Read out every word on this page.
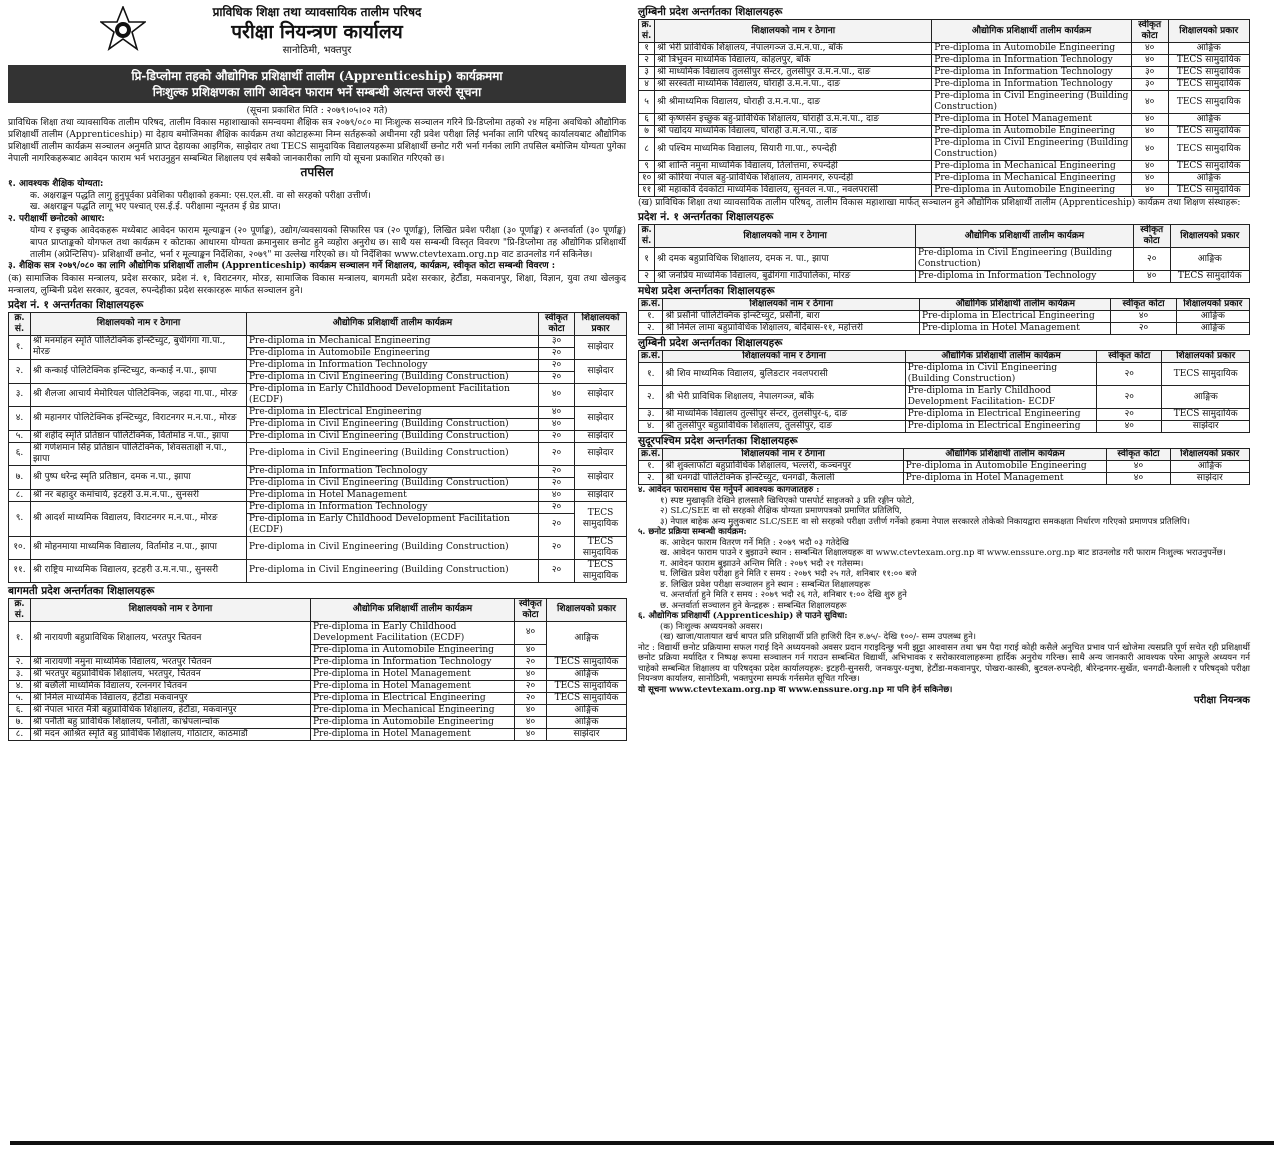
प्राविधिक शिक्षा तथा व्यावसायिक तालीम परिषद
परीक्षा नियन्त्रण कार्यालय
सानोठिमी, भक्तपुर
प्रि-डिप्लोमा तहको औद्योगिक प्रशिक्षार्थी तालीम (Apprenticeship) कार्यक्रममा
निःशुल्क प्रशिक्षणका लागि आवेदन फाराम भर्ने सम्बन्धी अत्यन्त जरुरी सूचना
(सूचना प्रकाशित मिति : २०७९।०५।०२ गते)

प्राविधिक शिक्षा तथा व्यावसायिक तालीम परिषद, तालीम विकास महाशाखाको समन्वयमा शैक्षिक सत्र २०७९/०८० मा निःशुल्क सञ्चालन गरिने प्रि-डिप्लोमा तहको २४ महिना अवधिको औद्योगिक प्रशिक्षार्थी तालीम (Apprenticeship) मा देहाय बमोजिमका शैक्षिक कार्यक्रम तथा कोटाहरूमा निम्न सर्तहरूको अधीनमा रही प्रवेश परीक्षा लिई भर्नाका लागि परिषद् कार्यालयबाट औद्योगिक प्रशिक्षार्थी तालीम कार्यक्रम सञ्चालन अनुमति प्राप्त देहायका आइगिक, साझेदार तथा TECS सामुदायिक विद्यालयहरूमा प्रशिक्षार्थी छनोट गरी भर्ना गर्नका लागि तपसिल बमोजिम योग्यता पुगेका नेपाली नागरिकहरूबाट आवेदन फाराम भर्न भराउनुहुन सम्बन्धित शिक्षालय एवं सबैको जानकारीका लागि यो सूचना प्रकाशित गरिएको छ।

तपसिल
१. आवश्यक शैक्षिक योग्यता:
क. अक्षराङ्कन पद्धति लागु हुनुपूर्वका प्रवेशिका परीक्षाको हकमा: एस.एल.सी. वा सो सरहको परीक्षा उत्तीर्ण।
ख. अक्षराङ्कन पद्धति लागू भए पश्चात् एस.ई.ई. परीक्षामा न्यूनतम ई ग्रेड प्राप्त।
२. परीक्षार्थी छनोटको आधार:

योग्य र इच्छुक आवेदकहरू मध्येबाट आवेदन फाराम मूल्याङ्कन (२० पूर्णाङ्क), उद्योग/व्यवसायको सिफारिस पत्र (२० पूर्णाङ्क), लिखित प्रवेश परीक्षा (३० पूर्णाङ्क) र अन्तर्वार्ता (३० पूर्णाङ्क) बापत प्राप्ताङ्कको योगफल तथा कार्यक्रम र कोटाका आधारमा योग्यता क्रमानुसार छनोट हुने व्यहोरा अनुरोध छ। साथै यस सम्बन्धी विस्तृत विवरण "प्रि-डिप्लोमा तह औद्योगिक प्रशिक्षार्थी तालीम (अप्रेन्टिसिप)- प्रशिक्षार्थी छनोट, भर्ना र मूल्याङ्कन निर्देशिका, २०७९" मा उल्लेख गरिएको छ। यो निर्देशिका www.ctevtexam.org.np वाट डाउनलोड गर्न सकिनेछ।

३. शैक्षिक सत्र २०७९/०८० का लागि औद्योगिक प्रशिक्षार्थी तालीम (Apprenticeship) कार्यक्रम सञ्चालन गर्ने शिक्षालय, कार्यक्रम, स्वीकृत कोटा सम्बन्धी विवरण :

(क) सामाजिक विकास मन्त्रालय, प्रदेश सरकार, प्रदेश नं. १, विराटनगर, मोरङ, सामाजिक विकास मन्त्रालय, बागमती प्रदेश सरकार, हेटौंडा, मकवानपुर, शिक्षा, विज्ञान, युवा तथा खेलकुद मन्त्रालय, लुम्बिनी प्रदेश सरकार, बुटवल, रुपन्देहीका प्रदेश सरकारहरू मार्फत सञ्चालन हुने।

प्रदेश नं. १ अन्तर्गतका शिक्षालयहरू
क्र. सं.	शिक्षालयको नाम र ठेगाना	औद्योगिक प्रशिक्षार्थी तालीम कार्यक्रम	स्वीकृत कोटा	शिक्षालयको प्रकार
१.	श्री मनमोहन स्मृति पोलिटेक्निक इन्स्टिच्युट, बुधीगंगा गा.पा., मोरङ	Pre-diploma in Mechanical Engineering	३०	साझेदार
		Pre-diploma in Automobile Engineering	२०	
२.	श्री कन्काई पोलिटेक्निक इन्स्टिच्युट, कन्काई न.पा., झापा	Pre-diploma in Information Technology	२०	साझेदार
		Pre-diploma in Civil Engineering (Building Construction)	२०	
३.	श्री शैलजा आचार्य मेमोरियल पोलिटेक्निक, जहदा गा.पा., मोरङ	Pre-diploma in Early Childhood Development Facilitation (ECDF)	४०	साझेदार
४.	श्री महानगर पोलिटेक्निक इन्स्टिच्युट, विराटनगर म.न.पा., मोरङ	Pre-diploma in Electrical Engineering	४०	साझेदार
		Pre-diploma in Civil Engineering (Building Construction)	४०	
५.	श्री शहीद स्मृति प्रतिष्ठान पोलिटेक्निक, विर्तामोड न.पा., झापा	Pre-diploma in Civil Engineering (Building Construction)	२०	साझेदार
६.	श्री गणेशमान सिंह प्रतिष्ठान पोलिटेक्निक, शिवसताक्षी न.पा., झापा	Pre-diploma in Civil Engineering (Building Construction)	२०	साझेदार
७.	श्री पुष्प धरेन्द्र स्मृति प्रतिष्ठान, दमक न.पा., झापा	Pre-diploma in Information Technology	२०	साझेदार
		Pre-diploma in Civil Engineering (Building Construction)	२०	
८.	श्री नर बहादुर कमांचार्य, इटहरी उ.म.न.पा., सुनसरी	Pre-diploma in Hotel Management	४०	साझेदार
९.	श्री आदर्श माध्यमिक विद्यालय, विराटनगर म.न.पा., मोरङ	Pre-diploma in Information Technology	२०	TECS सामुदायिक
		Pre-diploma in Early Childhood Development Facilitation (ECDF)	२०	
१०.	श्री मोहनमाया माध्यमिक विद्यालय, विर्तामोड न.पा., झापा	Pre-diploma in Civil Engineering (Building Construction)	२०	TECS सामुदायिक
११.	श्री राष्ट्रिय माध्यमिक विद्यालय, इटहरी उ.म.न.पा., सुनसरी	Pre-diploma in Civil Engineering (Building Construction)	२०	TECS सामुदायिक
बागमती प्रदेश अन्तर्गतका शिक्षालयहरू
क्र. सं.	शिक्षालयको नाम र ठेगाना	औद्योगिक प्रशिक्षार्थी तालीम कार्यक्रम	स्वीकृत कोटा	शिक्षालयको प्रकार
१.	श्री नारायणी बहुप्राविधिक शिक्षालय, भरतपुर चितवन	Pre-diploma in Early Childhood Development Facilitation (ECDF)	४०	आङ्गिक
		Pre-diploma in Automobile Engineering	४०	
२.	श्री नारायणी नमुना माध्यमिक विद्यालय, भरतपुर चितवन	Pre-diploma in Information Technology	२०	TECS सामुदायिक
३.	श्री भरतपुर बहुप्राविधिक शिक्षालय, भरतपुर, चितवन	Pre-diploma in Hotel Management	४०	आङ्गिक
४.	श्री बछौली माध्यमिक विद्यालय, रत्ननगर चितवन	Pre-diploma in Hotel Management	२०	TECS सामुदायिक
५.	श्री निर्मल माध्यमिक विद्यालय, हेटौंडा मकवानपुर	Pre-diploma in Electrical Engineering	२०	TECS सामुदायिक
६.	श्री नेपाल भारत मैत्री बहुप्राविधिक शिक्षालय, हेटौंडा, मकवानपुर	Pre-diploma in Mechanical Engineering	४०	आङ्गिक
७.	श्री पनौती बहु प्राविधिक शिक्षालय, पनौती, काभ्रेपलान्चोक	Pre-diploma in Automobile Engineering	४०	आङ्गिक
८.	श्री मदन आश्रित स्मृति बहु प्राविधिक शिक्षालय, गोठाटार, काठमाडौं	Pre-diploma in Hotel Management	४०	साझेदार
लुम्बिनी प्रदेश अन्तर्गतका शिक्षालयहरू
क्र. सं.	शिक्षालयको नाम र ठेगाना	औद्योगिक प्रशिक्षार्थी तालीम कार्यक्रम	स्वीकृत कोटा	शिक्षालयको प्रकार
१	श्री भेरी प्राविधिक शिक्षालय, नेपालगञ्ज उ.म.न.पा., बाँके	Pre-diploma in Automobile Engineering	४०	आङ्गिक
२	श्री त्रिभुवन माध्यमिक विद्यालय, कोहलपुर, बाँके	Pre-diploma in Information Technology	४०	TECS सामुदायिक
३	श्री माध्यमिक विद्यालय तुलसीपुर सेन्टर, तुलसीपुर उ.म.न.पा., दाङ	Pre-diploma in Information Technology	३०	TECS सामुदायिक
४	श्री सरस्वती माध्यमिक विद्यालय, घोराही उ.म.न.पा., दाङ	Pre-diploma in Information Technology	३०	TECS सामुदायिक
५	श्री श्रीमाध्यमिक विद्यालय, घोराही उ.म.न.पा., दाङ	Pre-diploma in Civil Engineering (Building Construction)	४०	TECS सामुदायिक
६	श्री कृष्णसेन इच्छुक बहु-प्राविधिक शिक्षालय, घोराही उ.म.न.पा., दाङ	Pre-diploma in Hotel Management	४०	आङ्गिक
७	श्री पद्योदय माध्यमिक विद्यालय, घोराही उ.म.न.पा., दाङ	Pre-diploma in Automobile Engineering	४०	TECS सामुदायिक
८	श्री पश्चिम माध्यमिक विद्यालय, सियारी गा.पा., रुपन्देही	Pre-diploma in Civil Engineering (Building Construction)	४०	TECS सामुदायिक
९	श्री शान्ति नमुना माध्यमिक विद्यालय, तिलोत्तमा, रुपन्देही	Pre-diploma in Mechanical Engineering	४०	TECS सामुदायिक
१०	श्री कोरिया नेपाल बहु-प्राविधिक शिक्षालय, तामनगर, रुपन्देही	Pre-diploma in Mechanical Engineering	४०	आङ्गिक
११	श्री महाकवि देवकोटा माध्यमिक विद्यालय, सुनवल न.पा., नवलपरासी	Pre-diploma in Automobile Engineering	४०	TECS सामुदायिक

(ख) प्राविधिक शिक्षा तथा व्यावसायिक तालीम परिषद्, तालीम विकास महाशाखा मार्फत् सञ्चालन हुने औद्योगिक प्रशिक्षार्थी तालीम (Apprenticeship) कार्यक्रम तथा शिक्षण संस्थाहरू:

प्रदेश नं. १ अन्तर्गतका शिक्षालयहरू
क्र. सं.	शिक्षालयको नाम र ठेगाना	औद्योगिक प्रशिक्षार्थी तालीम कार्यक्रम	स्वीकृत कोटा	शिक्षालयको प्रकार
१	श्री दमक बहुप्राविधिक शिक्षालय, दमक न. पा., झापा	Pre-diploma in Civil Engineering (Building Construction)	२०	आङ्गिक
२	श्री जनप्रिय माध्यमिक विद्यालय, बुढीगंगा गाउँपालिका, मोरङ	Pre-diploma in Information Technology	४०	TECS सामुदायिक
मधेश प्रदेश अन्तर्गतका शिक्षालयहरू
क्र.सं.	शिक्षालयको नाम र ठेगाना	औद्योगिक प्रशिक्षार्थी तालीम कार्यक्रम	स्वीकृत कोटा	शिक्षालयको प्रकार
१.	श्री प्रसौनी पोलिटेक्निक इन्स्टिच्युट, प्रसौनी, बारा	Pre-diploma in Electrical Engineering	४०	आङ्गिक
२.	श्री निर्मल लामा बहुप्राविधिक शिक्षालय, बर्दिबास-११, महोत्तरी	Pre-diploma in Hotel Management	२०	आङ्गिक
लुम्बिनी प्रदेश अन्तर्गतका शिक्षालयहरू
क्र.सं.	शिक्षालयको नाम र ठेगाना	औद्योगिक प्रशिक्षार्थी तालीम कार्यक्रम	स्वीकृत कोटा	शिक्षालयको प्रकार
१.	श्री शिव माध्यमिक विद्यालय, बुलिङटार नवलपरासी	Pre-diploma in Civil Engineering (Building Construction)	२०	TECS सामुदायिक
२.	श्री भेरी प्राविधिक शिक्षालय, नेपालगञ्ज, बाँके	Pre-diploma in Early Childhood Development Facilitation- ECDF	२०	आङ्गिक
३.	श्री माध्यमिक विद्यालय तुल्सीपुर सेन्टर, तुलसीपुर-६, दाङ	Pre-diploma in Electrical Engineering	२०	TECS सामुदायिक
४.	श्री तुलसीपुर बहुप्राविधिक शिक्षालय, तुलसीपुर, दाङ	Pre-diploma in Electrical Engineering	४०	साझेदार
सुदूरपश्चिम प्रदेश अन्तर्गतका शिक्षालयहरू
क्र.सं.	शिक्षालयको नाम र ठेगाना	औद्योगिक प्रशिक्षार्थी तालीम कार्यक्रम	स्वीकृत कोटा	शिक्षालयको प्रकार
१.	श्री शुक्लाफाँटा बहुप्राविधिक शिक्षालय, भल्लरी, कञ्चनपुर	Pre-diploma in Automobile Engineering	४०	आङ्गिक
२.	श्री धनगढी पोलिटेक्निक इन्स्टिच्युट, धनगढी, कैलाली	Pre-diploma in Hotel Management	४०	साझेदार
४. आवेदन फारामसाथ पेस गर्नुपर्ने आवश्यक कागजातहरु :
१) स्पष्ट मुखाकृति देखिने हालसालै खिचिएको पासपोर्ट साइजको ३ प्रति रङ्गीन फोटो,
२) SLC/SEE वा सो सरहको शैक्षिक योग्यता प्रमाणपत्रको प्रमाणित प्रतिलिपि,
३) नेपाल बाहेक अन्य मुलुकबाट SLC/SEE वा सो सरहको परीक्षा उत्तीर्ण गर्नेको हकमा नेपाल सरकारले तोकेको निकायद्वारा समकक्षता निर्धारण गरिएको प्रमाणपत्र प्रतिलिपि।
५. छनोट प्रक्रिया सम्बन्धी कार्यक्रम:
क. आवेदन फाराम वितरण गर्ने मिति : २०७९ भदौ ०३ गतेदेखि
ख. आवेदन फाराम पाउने र बुझाउने स्थान : सम्बन्धित शिक्षालयहरू वा www.ctevtexam.org.np वा www.enssure.org.np बाट डाउनलोड गरी फाराम निःशुल्क भराउनुपर्नेछ।
ग. आवेदन फाराम बुझाउने अन्तिम मिति : २०७९ भदौ २१ गतेसम्म।
घ. लिखित प्रवेश परीक्षा हुने मिति र समय : २०७९ भदौ २५ गते, शनिबार ११:०० बजे
ङ. लिखित प्रवेश परीक्षा सञ्चालन हुने स्थान : सम्बन्धित शिक्षालयहरू
च. अन्तर्वार्ता हुने मिति र समय : २०७९ भदौ २६ गते, शनिबार १:०० देखि शुरु हुने
छ. अन्तर्वार्ता सञ्चालन हुने केन्द्रहरू : सम्बन्धित शिक्षालयहरू
६. औद्योगिक प्रशिक्षार्थी (Apprenticeship) ले पाउने सुविधा:
(क) निःशुल्क अध्ययनको अवसर।
(ख) खाजा/यातायात खर्च बापत प्रति प्रशिक्षार्थी प्रति हाजिरी दिन रु.७५/- देखि १००/- सम्म उपलब्ध हुने।

नोट : विद्यार्थी छनोट प्रक्रियामा सफल गराई दिने अध्ययनको अवसर प्रदान गराइदिन्छु भनी झुट्टा आश्वासन तथा भ्रम पैदा गराई कोही कसैले अनुचित प्रभाव पार्न खोजेमा त्यसप्रति पूर्ण सचेत रही प्रशिक्षार्थी छनोट प्रक्रिया मर्यादित र निष्पक्ष रूपमा सञ्चालन गर्न गराउन सम्बन्धित विद्यार्थी, अभिभावक र सरोकारवालाहरूमा हार्दिक अनुरोध गरिन्छ। साथै अन्य जानकारी आवश्यक परेमा आफूले अध्ययन गर्न चाहेको सम्बन्धित शिक्षालय वा परिषद्का प्रदेश कार्यालयहरू: इटहरी-सुनसरी, जनकपुर-धनुषा, हेटौंडा-मकवानपुर, पोखरा-कास्की, बुटवल-रुपन्देही, बीरेन्द्रनगर-सुर्खेत, धनगढी-कैलाली र परिषद्को परीक्षा नियन्त्रण कार्यालय, सानोठिमी, भक्तपुरमा सम्पर्क गर्नसमेत सूचित गरिन्छ।

यो सूचना www.ctevtexam.org.np वा www.enssure.org.np मा पनि हेर्न सकिनेछ।
परीक्षा नियन्त्रक
